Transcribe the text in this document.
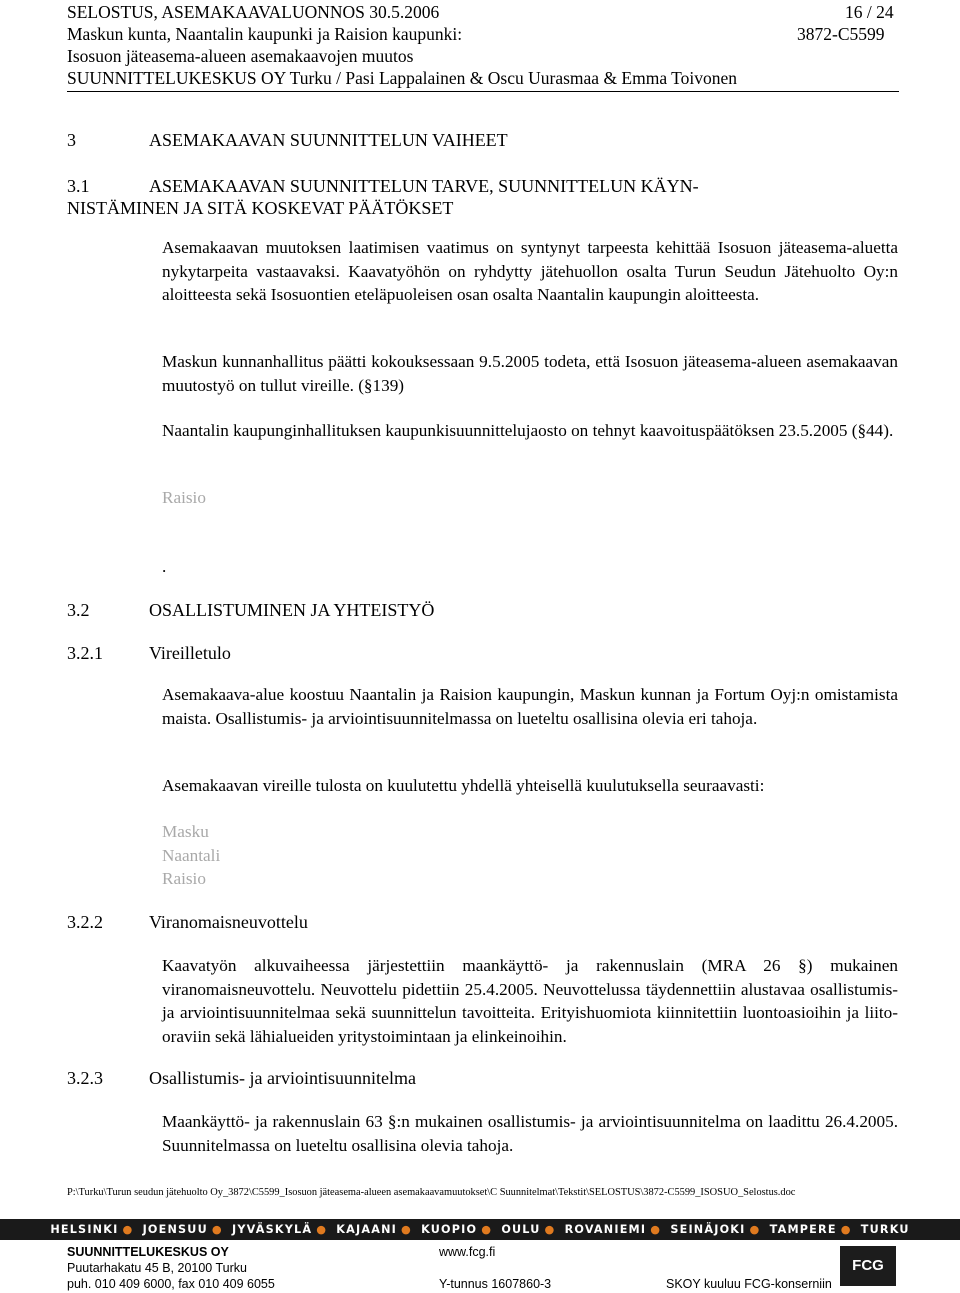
SELOSTUS, ASEMAKAAVALUONNOS 30.5.2006	16 / 24
Maskun kunta, Naantalin kaupunki ja Raision kaupunki:	3872-C5599
Isosuon jäteasema-alueen asemakaavojen muutos
SUUNNITTELUKESKUS OY Turku / Pasi Lappalainen & Oscu Uurasmaa & Emma Toivonen
3	ASEMAKAAVAN SUUNNITTELUN VAIHEET
3.1	ASEMAKAAVAN SUUNNITTELUN TARVE, SUUNNITTELUN KÄYN-
NISTÄMINEN JA SITÄ KOSKEVAT PÄÄTÖKSET

Asemakaavan muutoksen laatimisen vaatimus on syntynyt tarpeesta kehittää Isosuon jäteasema-aluetta nykytarpeita vastaavaksi. Kaavatyöhön on ryhdytty jätehuollon osalta Turun Seudun Jätehuolto Oy:n aloitteesta sekä Isosuontien eteläpuoleisen osan osalta Naantalin kaupungin aloitteesta.

Maskun kunnanhallitus päätti kokouksessaan 9.5.2005 todeta, että Isosuon jäteasema-alueen asemakaavan muutostyö on tullut vireille. (§139)

Naantalin kaupunginhallituksen kaupunkisuunnittelujaosto on tehnyt kaavoituspäätöksen 23.5.2005 (§44).

Raisio
.
3.2	OSALLISTUMINEN JA YHTEISTYÖ
3.2.1	Vireilletulo

Asemakaava-alue koostuu Naantalin ja Raision kaupungin, Maskun kunnan ja Fortum Oyj:n omistamista maista. Osallistumis- ja arviointisuunnitelmassa on lueteltu osallisina olevia eri tahoja.

Asemakaavan vireille tulosta on kuulutettu yhdellä yhteisellä kuulutuksella seuraavasti:

Masku
Naantali
Raisio
3.2.2	Viranomaisneuvottelu

Kaavatyön alkuvaiheessa järjestettiin maankäyttö- ja rakennuslain (MRA 26 §) mukainen viranomaisneuvottelu. Neuvottelu pidettiin 25.4.2005. Neuvottelussa täydennettiin alustavaa osallistumis- ja arviointisuunnitelmaa sekä suunnittelun tavoitteita. Erityishuomiota kiinnitettiin luontoasioihin ja liito-oraviin sekä lähialueiden yritystoimintaan ja elinkeinoihin.

3.2.3	Osallistumis- ja arviointisuunnitelma

Maankäyttö- ja rakennuslain 63 §:n mukainen osallistumis- ja arviointisuunnitelma on laadittu 26.4.2005. Suunnitelmassa on lueteltu osallisina olevia tahoja.

P:\Turku\Turun seudun jätehuolto Oy_3872\C5599_Isosuon jäteasema-alueen asemakaavamuutokset\C Suunnitelmat\Tekstit\SELOSTUS\3872-C5599_ISOSUO_Selostus.doc
HELSINKI ● JOENSUU ● JYVÄSKYLÄ ● KAJAANI ● KUOPIO ● OULU ● ROVANIEMI ● SEINÄJOKI ● TAMPERE ● TURKU
SUUNNITTELUKESKUS OY
Puutarhakatu 45 B, 20100 Turku
puh. 010 409 6000, fax 010 409 6055
www.fcg.fi
Y-tunnus 1607860-3	SKOY kuuluu FCG-konserniin
FCG
